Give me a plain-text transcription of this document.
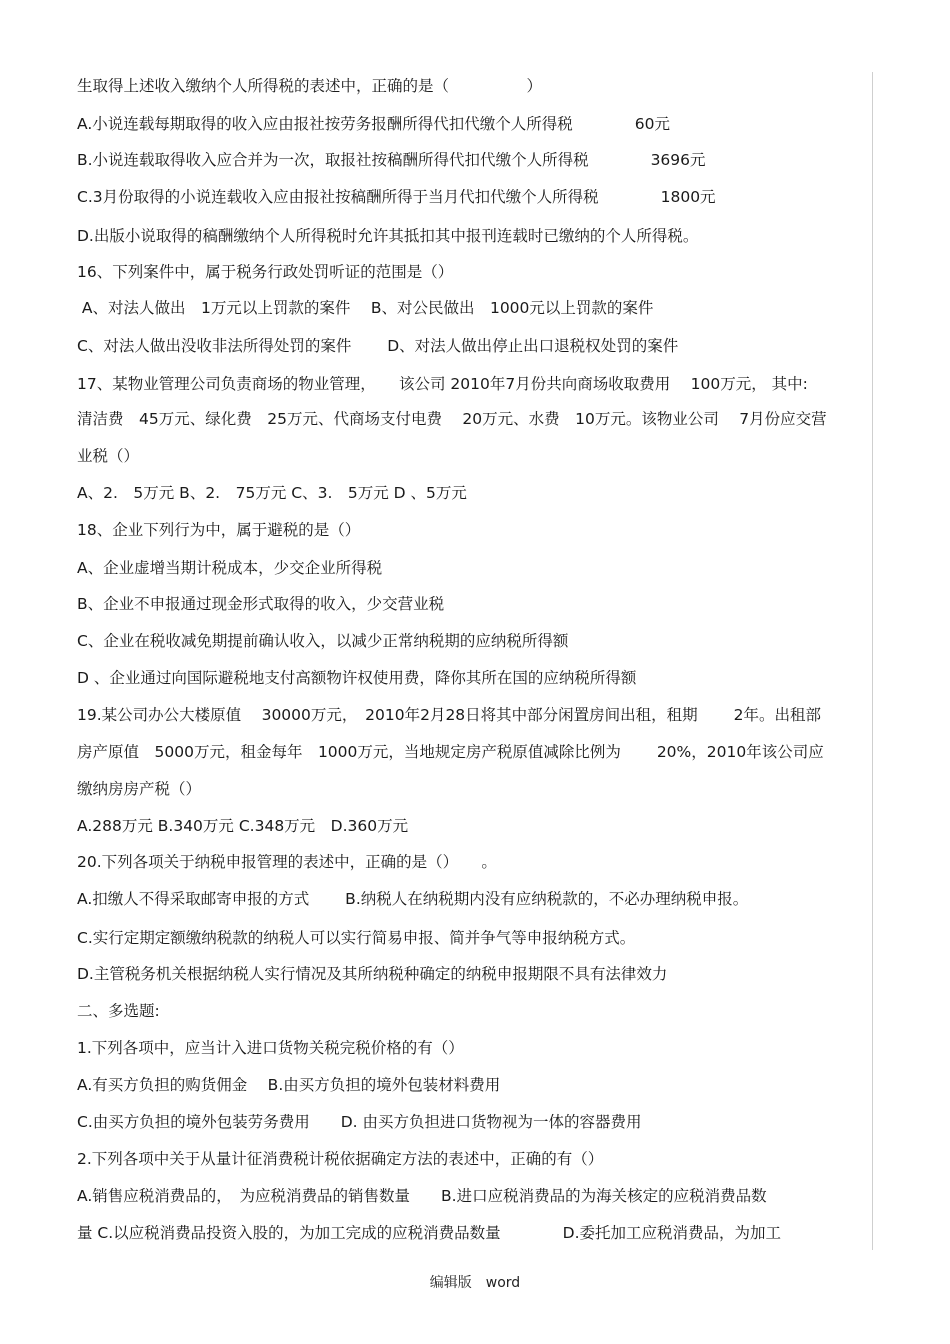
生取得上述收入缴纳个人所得税的表述中，正确的是（　　　　　）
A.小说连载每期取得的收入应由报社按劳务报酬所得代扣代缴个人所得税　　　　60元
B.小说连载取得收入应合并为一次，取报社按稿酬所得代扣代缴个人所得税　　　　3696元
C.3月份取得的小说连载收入应由报社按稿酬所得于当月代扣代缴个人所得税　　　　1800元
D.出版小说取得的稿酬缴纳个人所得税时允许其抵扣其中报刊连载时已缴纳的个人所得税。
16、下列案件中，属于税务行政处罚听证的范围是（）
A、对法人做出　1万元以上罚款的案件　 B、对公民做出　1000元以上罚款的案件
C、对法人做出没收非法所得处罚的案件　　 D、对法人做出停止出口退税权处罚的案件
17、某物业管理公司负责商场的物业管理，　　该公司 2010年7月份共向商场收取费用　 100万元， 其中:
清洁费　45万元、绿化费　25万元、代商场支付电费　 20万元、水费　10万元。该物业公司　 7月份应交营
业税（）
A、2.　5万元 B、2.　75万元 C、3.　5万元 D 、5万元
18、企业下列行为中，属于避税的是（）
A、企业虚增当期计税成本，少交企业所得税
B、企业不申报通过现金形式取得的收入，少交营业税
C、企业在税收减免期提前确认收入，以减少正常纳税期的应纳税所得额
D 、企业通过向国际避税地支付高额物许权使用费，降你其所在国的应纳税所得额
19.某公司办公大楼原值　 30000万元，　2010年2月28日将其中部分闲置房间出租，租期　　 2年。出租部
房产原值　5000万元，租金每年　1000万元，当地规定房产税原值减除比例为　　 20%，2010年该公司应
缴纳房房产税（）
A.288万元 B.340万元 C.348万元　D.360万元
20.下列各项关于纳税申报管理的表述中，正确的是（）　　。
A.扣缴人不得采取邮寄申报的方式　　 B.纳税人在纳税期内没有应纳税款的，不必办理纳税申报。
C.实行定期定额缴纳税款的纳税人可以实行简易申报、简并争气等申报纳税方式。
D.主管税务机关根据纳税人实行情况及其所纳税种确定的纳税申报期限不具有法律效力
二、多选题:
1.下列各项中，应当计入进口货物关税完税价格的有（）
A.有买方负担的购货佣金　 B.由买方负担的境外包装材料费用
C.由买方负担的境外包装劳务费用　　D. 由买方负担进口货物视为一体的容器费用
2.下列各项中关于从量计征消费税计税依据确定方法的表述中，正确的有（）
A.销售应税消费品的，　为应税消费品的销售数量　　B.进口应税消费品的为海关核定的应税消费品数
量 C.以应税消费品投资入股的，为加工完成的应税消费品数量　　　　D.委托加工应税消费品，为加工
编辑版　word
